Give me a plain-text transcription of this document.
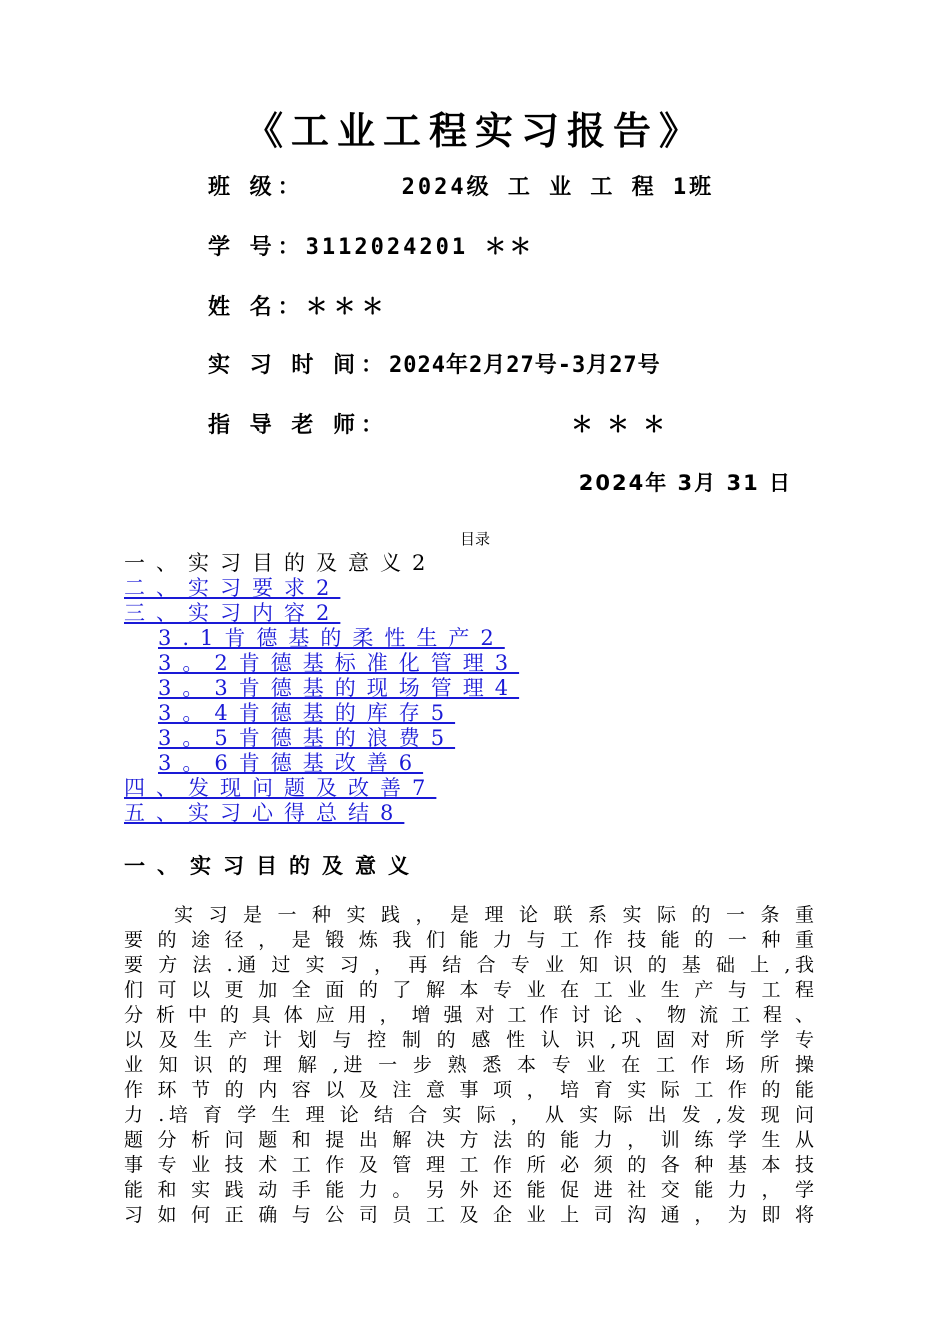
《工业工程实习报告》
班 级：	2024级 工 业 工 程 1班
学 号：3112024201 ＊＊
姓 名：＊＊＊
实 习 时 间：2024年2月27号-3月27号
指 导 老 师：	＊＊＊
2024年 3月 31 日
目录
一、实习目的及意义2
二、实习要求2
三、实习内容2
3.1肯德基的柔性生产2
3。2肯德基标准化管理3
3。3肯德基的现场管理4
3。4肯德基的库存5
3。5肯德基的浪费5
3。6肯德基改善6
四、发现问题及改善7
五、实习心得总结8
一、实习目的及意义
实 习 是 一 种 实 践 ， 是 理 论 联 系 实 际 的 一 条 重
要 的 途 径 ， 是 锻 炼 我 们 能 力 与 工 作 技 能 的 一 种 重
要 方 法 .通 过 实 习 ， 再 结 合 专 业 知 识 的 基 础 上 ,我
们 可 以 更 加 全 面 的 了 解 本 专 业 在 工 业 生 产 与 工 程
分 析 中 的 具 体 应 用 ， 增 强 对 工 作 讨 论 、 物 流 工 程 、
以 及 生 产 计 划 与 控 制 的 感 性 认 识 ,巩 固 对 所 学 专
业 知 识 的 理 解 ,进 一 步 熟 悉 本 专 业 在 工 作 场 所 操
作 环 节 的 内 容 以 及 注 意 事 项 ， 培 育 实 际 工 作 的 能
力 .培 育 学 生 理 论 结 合 实 际 ， 从 实 际 出 发 ,发 现 问
题 分 析 问 题 和 提 出 解 决 方 法 的 能 力 ， 训 练 学 生 从
事 专 业 技 术 工 作 及 管 理 工 作 所 必 须 的 各 种 基 本 技
能 和 实 践 动 手 能 力 。 另 外 还 能 促 进 社 交 能 力 ， 学
习 如 何 正 确 与 公 司 员 工 及 企 业 上 司 沟 通 ， 为 即 将
